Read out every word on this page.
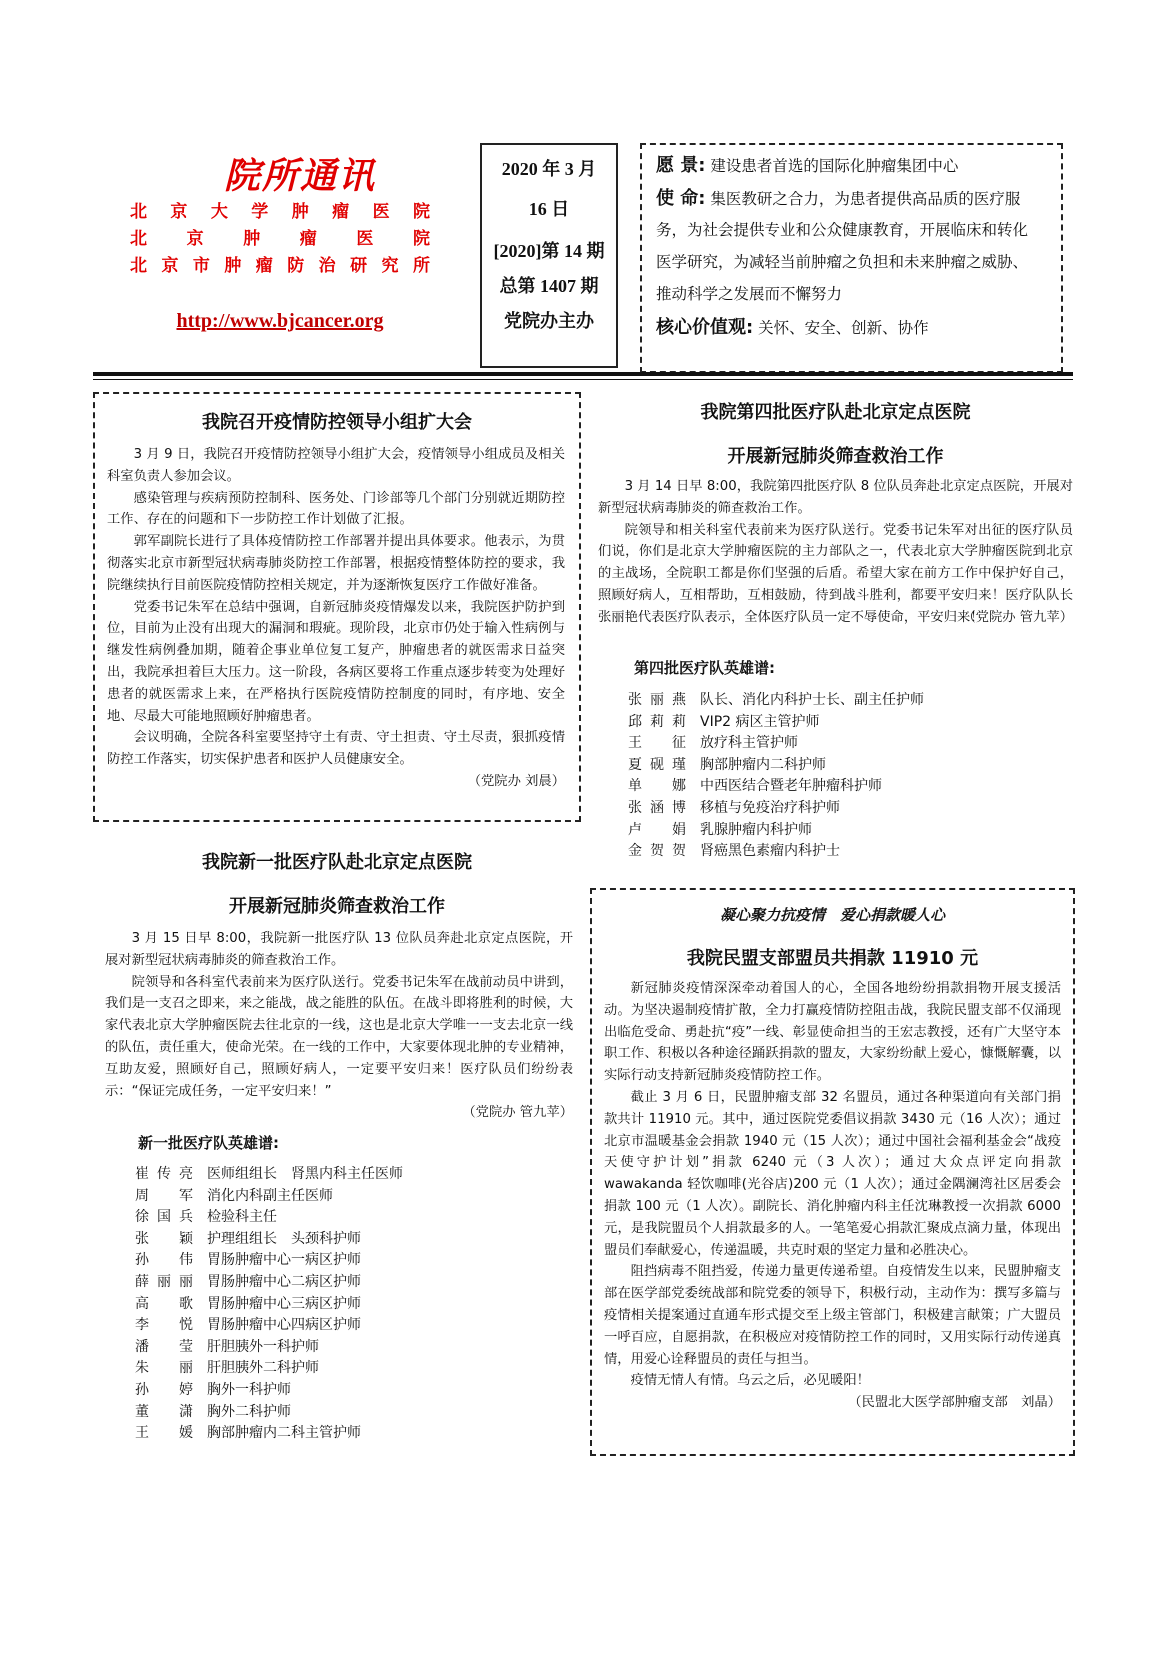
院所通讯
北京大学肿瘤医院
北京肿瘤医院
北京市肿瘤防治研究所
http://www.bjcancer.org
2020 年 3 月
16 日
[2020]第 14 期
总第 1407 期
党院办主办
愿 景: 建设患者首选的国际化肿瘤集团中心
使 命: 集医教研之合力，为患者提供高品质的医疗服
务，为社会提供专业和公众健康教育，开展临床和转化
医学研究，为减轻当前肿瘤之负担和未来肿瘤之威胁、
推动科学之发展而不懈努力
核心价值观: 关怀、安全、创新、协作
我院召开疫情防控领导小组扩大会

3 月 9 日，我院召开疫情防控领导小组扩大会，疫情领导小组成员及相关科室负责人参加会议。

感染管理与疾病预防控制科、医务处、门诊部等几个部门分别就近期防控工作、存在的问题和下一步防控工作计划做了汇报。

郭军副院长进行了具体疫情防控工作部署并提出具体要求。他表示，为贯彻落实北京市新型冠状病毒肺炎防控工作部署，根据疫情整体防控的要求，我院继续执行目前医院疫情防控相关规定，并为逐渐恢复医疗工作做好准备。

党委书记朱军在总结中强调，自新冠肺炎疫情爆发以来，我院医护防护到位，目前为止没有出现大的漏洞和瑕疵。现阶段，北京市仍处于输入性病例与继发性病例叠加期，随着企事业单位复工复产，肿瘤患者的就医需求日益突出，我院承担着巨大压力。这一阶段，各病区要将工作重点逐步转变为处理好患者的就医需求上来，在严格执行医院疫情防控制度的同时，有序地、安全地、尽最大可能地照顾好肿瘤患者。

会议明确，全院各科室要坚持守土有责、守土担责、守土尽责，狠抓疫情防控工作落实，切实保护患者和医护人员健康安全。

（党院办 刘晨）

我院新一批医疗队赴北京定点医院
开展新冠肺炎筛查救治工作

3 月 15 日早 8:00，我院新一批医疗队 13 位队员奔赴北京定点医院，开展对新型冠状病毒肺炎的筛查救治工作。

院领导和各科室代表前来为医疗队送行。党委书记朱军在战前动员中讲到，我们是一支召之即来，来之能战，战之能胜的队伍。在战斗即将胜利的时候，大家代表北京大学肿瘤医院去往北京的一线，这也是北京大学唯一一支去北京一线的队伍，责任重大，使命光荣。在一线的工作中，大家要体现北肿的专业精神，互助友爱，照顾好自己，照顾好病人，一定要平安归来！医疗队员们纷纷表示：“保证完成任务，一定平安归来！”

（党院办 管九苹）

新一批医疗队英雄谱:
崔传亮 医师组组长　肾黑内科主任医师
周军 消化内科副主任医师
徐国兵 检验科主任
张颖 护理组组长　头颈科护师
孙伟 胃肠肿瘤中心一病区护师
薛丽丽 胃肠肿瘤中心二病区护师
高歌 胃肠肿瘤中心三病区护师
李悦 胃肠肿瘤中心四病区护师
潘莹 肝胆胰外一科护师
朱丽 肝胆胰外二科护师
孙婷 胸外一科护师
董潇 胸外二科护师
王媛 胸部肿瘤内二科主管护师
我院第四批医疗队赴北京定点医院
开展新冠肺炎筛查救治工作

3 月 14 日早 8:00，我院第四批医疗队 8 位队员奔赴北京定点医院，开展对新型冠状病毒肺炎的筛查救治工作。

院领导和相关科室代表前来为医疗队送行。党委书记朱军对出征的医疗队员们说，你们是北京大学肿瘤医院的主力部队之一，代表北京大学肿瘤医院到北京的主战场，全院职工都是你们坚强的后盾。希望大家在前方工作中保护好自己，照顾好病人，互相帮助，互相鼓励，待到战斗胜利，都要平安归来！医疗队队长张丽艳代表医疗队表示，全体医疗队员一定不辱使命，平安归来！

（党院办 管九苹）

第四批医疗队英雄谱:
张丽燕 队长、消化内科护士长、副主任护师
邱莉莉 VIP2 病区主管护师
王征 放疗科主管护师
夏砚瑾 胸部肿瘤内二科护师
单娜 中西医结合暨老年肿瘤科护师
张涵博 移植与免疫治疗科护师
卢娟 乳腺肿瘤内科护师
金贺贺 肾癌黑色素瘤内科护士
凝心聚力抗疫情　爱心捐款暖人心
我院民盟支部盟员共捐款 11910 元

新冠肺炎疫情深深牵动着国人的心，全国各地纷纷捐款捐物开展支援活动。为坚决遏制疫情扩散，全力打赢疫情防控阻击战，我院民盟支部不仅涌现出临危受命、勇赴抗“疫”一线、彰显使命担当的王宏志教授，还有广大坚守本职工作、积极以各种途径踊跃捐款的盟友，大家纷纷献上爱心，慷慨解囊，以实际行动支持新冠肺炎疫情防控工作。

截止 3 月 6 日，民盟肿瘤支部 32 名盟员，通过各种渠道向有关部门捐款共计 11910 元。其中，通过医院党委倡议捐款 3430 元（16 人次）；通过北京市温暖基金会捐款 1940 元（15 人次）；通过中国社会福利基金会“战疫天使守护计划”捐款 6240 元（3 人次）；通过大众点评定向捐款 wawakanda 轻饮咖啡(光谷店)200 元（1 人次）；通过金隅澜湾社区居委会捐款 100 元（1 人次）。副院长、消化肿瘤内科主任沈琳教授一次捐款 6000 元，是我院盟员个人捐款最多的人。一笔笔爱心捐款汇聚成点滴力量，体现出盟员们奉献爱心，传递温暖，共克时艰的坚定力量和必胜决心。

阻挡病毒不阻挡爱，传递力量更传递希望。自疫情发生以来，民盟肿瘤支部在医学部党委统战部和院党委的领导下，积极行动，主动作为：撰写多篇与疫情相关提案通过直通车形式提交至上级主管部门，积极建言献策；广大盟员一呼百应，自愿捐款，在积极应对疫情防控工作的同时，又用实际行动传递真情，用爱心诠释盟员的责任与担当。

疫情无情人有情。乌云之后，必见暖阳！

（民盟北大医学部肿瘤支部　刘晶）
